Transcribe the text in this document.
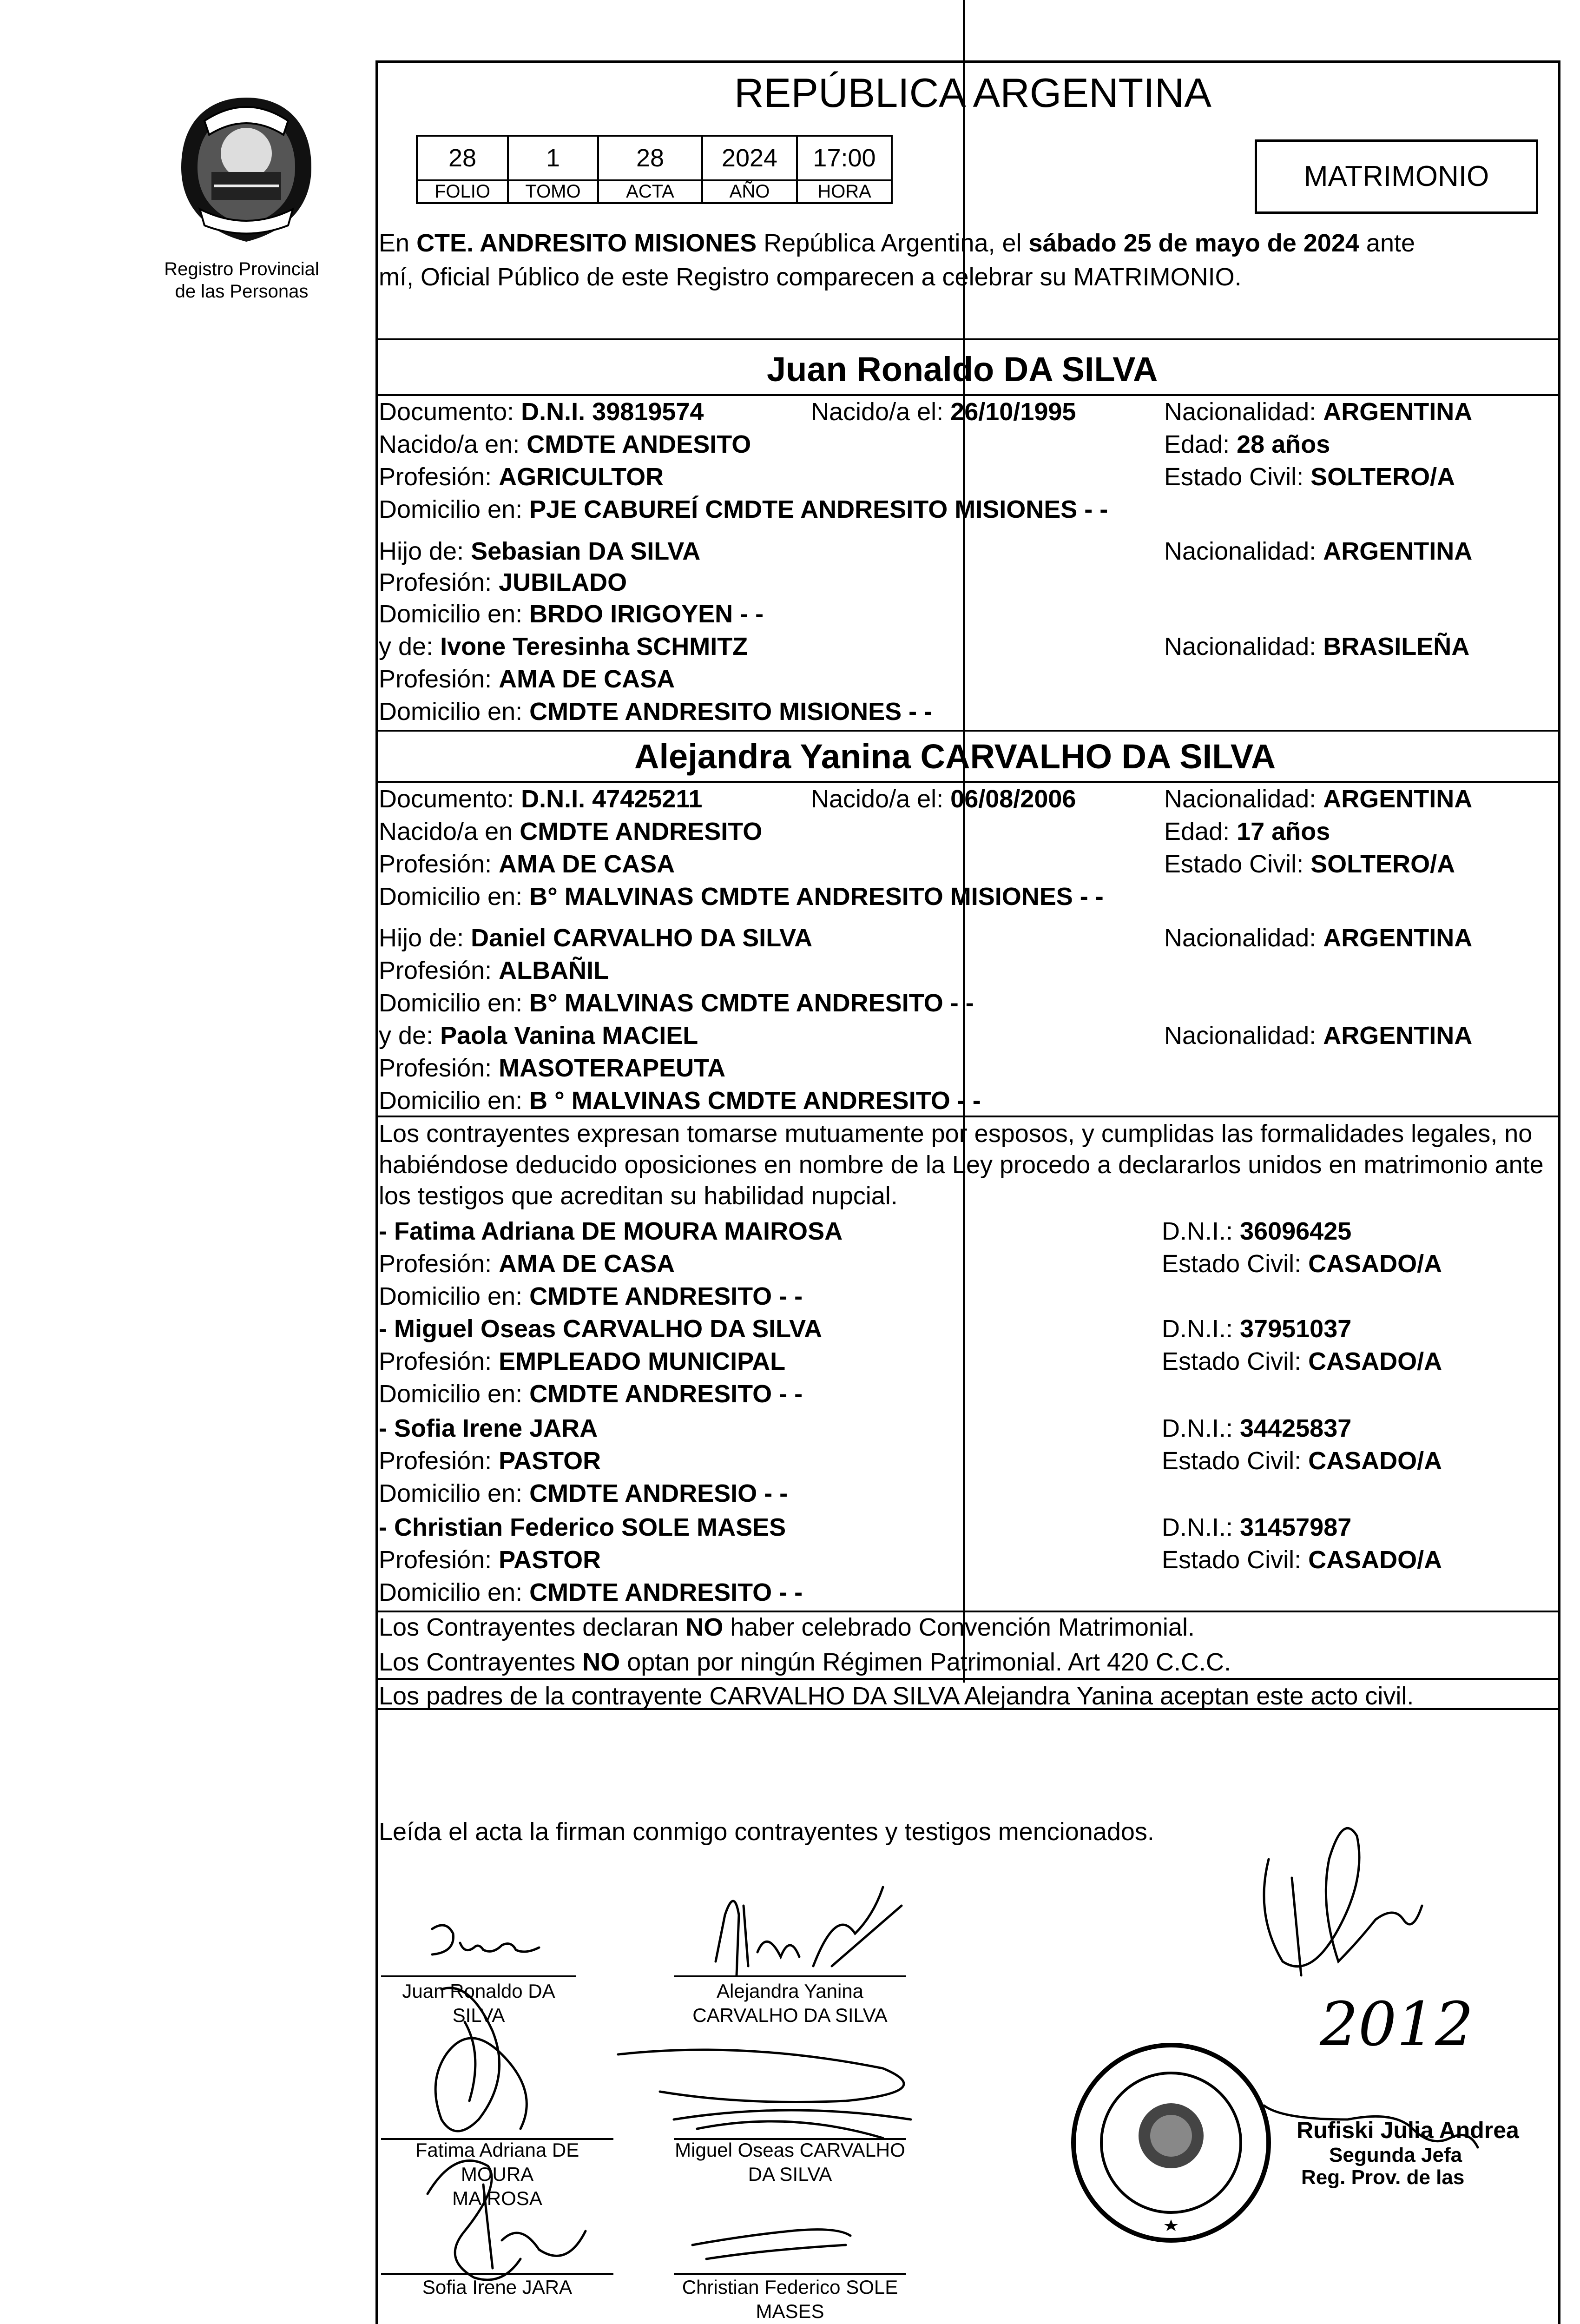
Registro Provincial
de las Personas
REPÚBLICA ARGENTINA
28	1	28	2024	17:00
FOLIO	TOMO	ACTA	AÑO	HORA	MATRIMONIO
En CTE. ANDRESITO MISIONES República Argentina, el sábado 25 de mayo de 2024 ante
mí, Oficial Público de este Registro comparecen a celebrar su MATRIMONIO.
Juan Ronaldo DA SILVA
Documento: D.N.I. 39819574	Nacido/a el: 26/10/1995	Nacionalidad: ARGENTINA
Nacido/a en: CMDTE ANDESITO	Edad: 28 años
Profesión: AGRICULTOR	Estado Civil: SOLTERO/A
Domicilio en: PJE CABUREÍ CMDTE ANDRESITO MISIONES - -
Hijo de: Sebasian DA SILVA	Nacionalidad: ARGENTINA
Profesión: JUBILADO
Domicilio en: BRDO IRIGOYEN - -
y de: Ivone Teresinha SCHMITZ	Nacionalidad: BRASILEÑA
Profesión: AMA DE CASA
Domicilio en: CMDTE ANDRESITO MISIONES - -
Alejandra Yanina CARVALHO DA SILVA
Documento: D.N.I. 47425211	Nacido/a el: 06/08/2006	Nacionalidad: ARGENTINA
Nacido/a en CMDTE ANDRESITO	Edad: 17 años
Profesión: AMA DE CASA	Estado Civil: SOLTERO/A
Domicilio en: B° MALVINAS CMDTE ANDRESITO MISIONES - -
Hijo de: Daniel CARVALHO DA SILVA	Nacionalidad: ARGENTINA
Profesión: ALBAÑIL
Domicilio en: B° MALVINAS CMDTE ANDRESITO - -
y de: Paola Vanina MACIEL	Nacionalidad: ARGENTINA
Profesión: MASOTERAPEUTA
Domicilio en: B ° MALVINAS CMDTE ANDRESITO - -
Los contrayentes expresan tomarse mutuamente por esposos, y cumplidas las formalidades legales, no
habiéndose deducido oposiciones en nombre de la Ley procedo a declararlos unidos en matrimonio ante
los testigos que acreditan su habilidad nupcial.
- Fatima Adriana DE MOURA MAIROSA	D.N.I.: 36096425
Profesión: AMA DE CASA	Estado Civil: CASADO/A
Domicilio en: CMDTE ANDRESITO - -
- Miguel Oseas CARVALHO DA SILVA	D.N.I.: 37951037
Profesión: EMPLEADO MUNICIPAL	Estado Civil: CASADO/A
Domicilio en: CMDTE ANDRESITO - -
- Sofia Irene JARA	D.N.I.: 34425837
Profesión: PASTOR	Estado Civil: CASADO/A
Domicilio en: CMDTE ANDRESIO - -
- Christian Federico SOLE MASES	D.N.I.: 31457987
Profesión: PASTOR	Estado Civil: CASADO/A
Domicilio en: CMDTE ANDRESITO - -
Los Contrayentes declaran NO haber celebrado Convención Matrimonial.
Los Contrayentes NO optan por ningún Régimen Patrimonial. Art 420 C.C.C.
Los padres de la contrayente CARVALHO DA SILVA Alejandra Yanina aceptan este acto civil.
Leída el acta la firman conmigo contrayentes y testigos mencionados.
2012
Juan Ronaldo DA SILVA
Alejandra Yanina
CARVALHO DA SILVA
Fatima Adriana DE MOURA
MAIROSA
Miguel Oseas CARVALHO
DA SILVA
Sofia Irene JARA	Christian Federico SOLE
MASES
Rufiski Julia Andrea
Segunda Jefa
Reg. Prov. de las
